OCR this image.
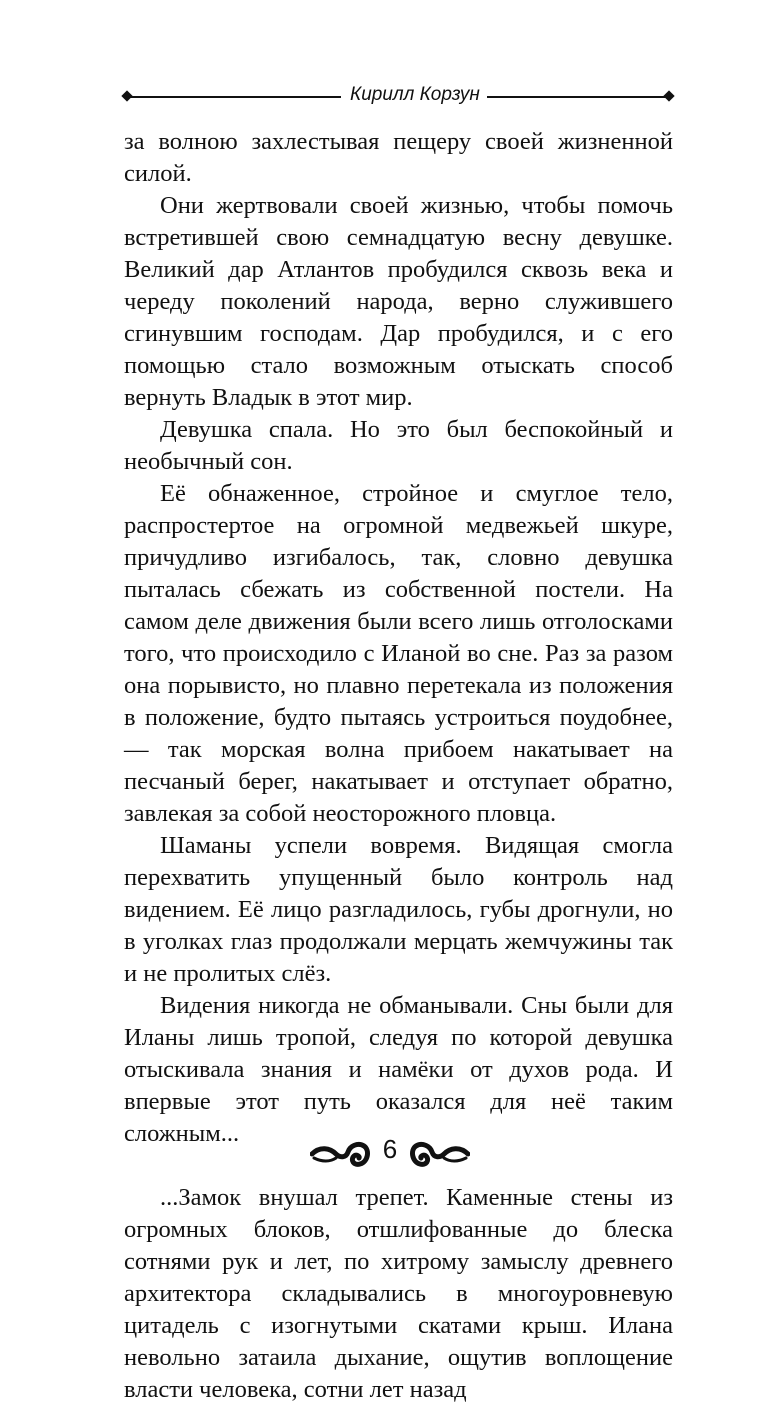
Кирилл Корзун

за волною захлестывая пещеру своей жизненной силой.

Они жертвовали своей жизнью, чтобы помочь встретившей свою семнадцатую весну девушке. Великий дар Атлантов пробудился сквозь века и череду поколений народа, верно служившего сгинувшим господам. Дар пробудился, и с его помощью стало возможным отыскать способ вернуть Владык в этот мир.

Девушка спала. Но это был беспокойный и необычный сон.

Её обнаженное, стройное и смуглое тело, распростертое на огромной медвежьей шкуре, причудливо изгибалось, так, словно девушка пыталась сбежать из собственной постели. На самом деле движения были всего лишь отголосками того, что происходило с Иланой во сне. Раз за разом она порывисто, но плавно перетекала из положения в положение, будто пытаясь устроиться поудобнее, — так морская волна прибоем накатывает на песчаный берег, накатывает и отступает обратно, завлекая за собой неосторожного пловца.

Шаманы успели вовремя. Видящая смогла перехватить упущенный было контроль над видением. Её лицо разгладилось, губы дрогнули, но в уголках глаз продолжали мерцать жемчужины так и не пролитых слёз.

Видения никогда не обманывали. Сны были для Иланы лишь тропой, следуя по которой девушка отыскивала знания и намёки от духов рода. И впервые этот путь оказался для неё таким сложным...

...Замок внушал трепет. Каменные стены из огромных блоков, отшлифованные до блеска сотнями рук и лет, по хитрому замыслу древнего архитектора складывались в многоуровневую цитадель с изогнутыми скатами крыш. Илана невольно затаила дыхание, ощутив воплощение власти человека, сотни лет назад

6
